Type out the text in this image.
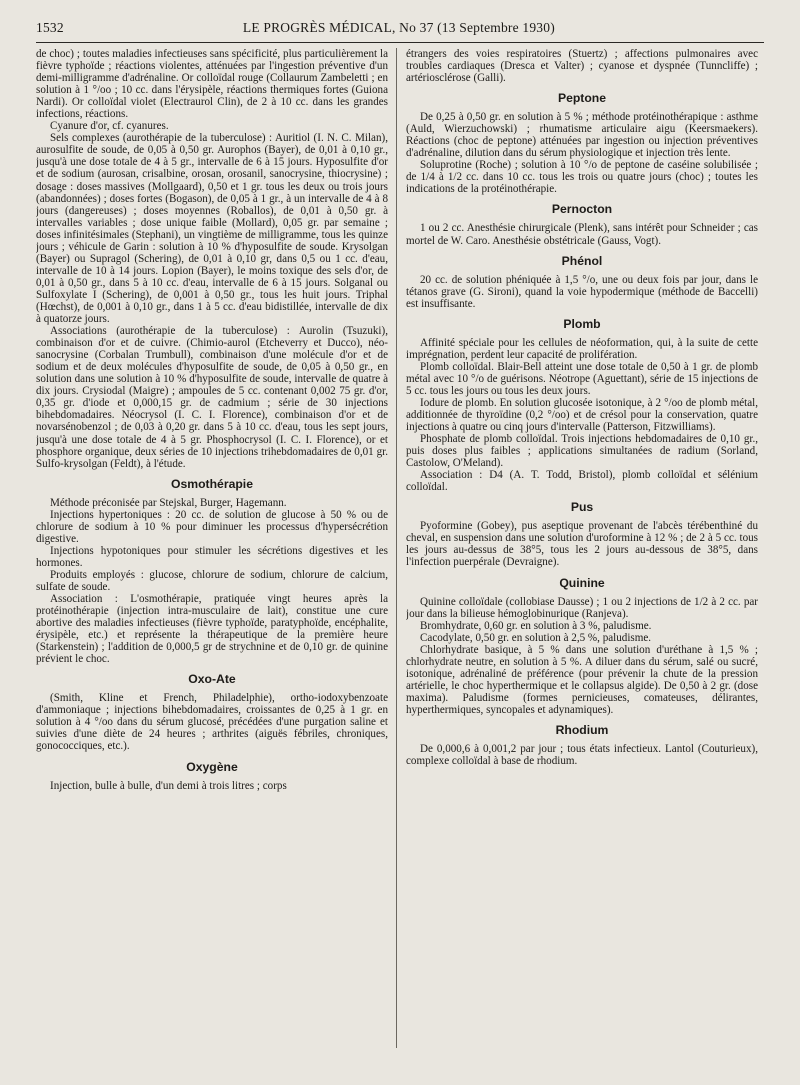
1532	LE PROGRÈS MÉDICAL, No 37 (13 Septembre 1930)

de choc) ; toutes maladies infectieuses sans spécificité, plus particulièrement la fièvre typhoïde ; réactions violentes, atténuées par l'ingestion préventive d'un demi-milligramme d'adrénaline. Or colloïdal rouge (Collaurum Zambeletti ; en solution à 1 °/oo ; 10 cc. dans l'érysipèle, réactions thermiques fortes (Guiona Nardi). Or colloïdal violet (Electraurol Clin), de 2 à 10 cc. dans les grandes infections, réactions.

Cyanure d'or, cf. cyanures.

Sels complexes (aurothérapie de la tuberculose) : Auritiol (I. N. C. Milan), aurosulfite de soude, de 0,05 à 0,50 gr. Aurophos (Bayer), de 0,01 à 0,10 gr., jusqu'à une dose totale de 4 à 5 gr., intervalle de 6 à 15 jours. Hyposulfite d'or et de sodium (aurosan, crisalbine, orosan, orosanil, sanocrysine, thiocrysine) ; dosage : doses massives (Mollgaard), 0,50 et 1 gr. tous les deux ou trois jours (abandonnées) ; doses fortes (Bogason), de 0,05 à 1 gr., à un intervalle de 4 à 8 jours (dangereuses) ; doses moyennes (Roballos), de 0,01 à 0,50 gr. à intervalles variables ; dose unique faible (Mollard), 0,05 gr. par semaine ; doses infinitésimales (Stephani), un vingtième de milligramme, tous les quinze jours ; véhicule de Garin : solution à 10 % d'hyposulfite de soude. Krysolgan (Bayer) ou Supragol (Schering), de 0,01 à 0,10 gr, dans 0,5 ou 1 cc. d'eau, intervalle de 10 à 14 jours. Lopion (Bayer), le moins toxique des sels d'or, de 0,01 à 0,50 gr., dans 5 à 10 cc. d'eau, intervalle de 6 à 15 jours. Solganal ou Sulfoxylate I (Schering), de 0,001 à 0,50 gr., tous les huit jours. Triphal (Hœchst), de 0,001 à 0,10 gr., dans 1 à 5 cc. d'eau bidistillée, intervalle de dix à quatorze jours.

Associations (aurothérapie de la tuberculose) : Aurolin (Tsuzuki), combinaison d'or et de cuivre. (Chimio-aurol (Etcheverry et Ducco), néo-sanocrysine (Corbalan Trumbull), combinaison d'une molécule d'or et de sodium et de deux molécules d'hyposulfite de soude, de 0,05 à 0,50 gr., en solution dans une solution à 10 % d'hyposulfite de soude, intervalle de quatre à dix jours. Crysiodal (Maigre) ; ampoules de 5 cc. contenant 0,002 75 gr. d'or, 0,35 gr. d'iode et 0,000,15 gr. de cadmium ; série de 30 injections bihebdomadaires. Néocrysol (I. C. I. Florence), combinaison d'or et de novarsénobenzol ; de 0,03 à 0,20 gr. dans 5 à 10 cc. d'eau, tous les sept jours, jusqu'à une dose totale de 4 à 5 gr. Phosphocrysol (I. C. I. Florence), or et phosphore organique, deux séries de 10 injections trihebdomadaires de 0,01 gr. Sulfo-krysolgan (Feldt), à l'étude.

Osmothérapie

Méthode préconisée par Stejskal, Burger, Hagemann.

Injections hypertoniques : 20 cc. de solution de glucose à 50 % ou de chlorure de sodium à 10 % pour diminuer les processus d'hypersécrétion digestive.

Injections hypotoniques pour stimuler les sécrétions digestives et les hormones.

Produits employés : glucose, chlorure de sodium, chlorure de calcium, sulfate de soude.

Association : L'osmothérapie, pratiquée vingt heures après la protéinothérapie (injection intra-musculaire de lait), constitue une cure abortive des maladies infectieuses (fièvre typhoïde, paratyphoïde, encéphalite, érysipèle, etc.) et représente la thérapeutique de la première heure (Starkenstein) ; l'addition de 0,000,5 gr de strychnine et de 0,10 gr. de quinine prévient le choc.

Oxo-Ate

(Smith, Kline et French, Philadelphie), ortho-iodoxybenzoate d'ammoniaque ; injections bihebdomadaires, croissantes de 0,25 à 1 gr. en solution à 4 °/oo dans du sérum glucosé, précédées d'une purgation saline et suivies d'une diète de 24 heures ; arthrites (aiguës fébriles, chroniques, gonococciques, etc.).

Oxygène

Injection, bulle à bulle, d'un demi à trois litres ; corps

étrangers des voies respiratoires (Stuertz) ; affections pulmonaires avec troubles cardiaques (Dresca et Valter) ; cyanose et dyspnée (Tunncliffe) ; artériosclérose (Galli).

Peptone

De 0,25 à 0,50 gr. en solution à 5 % ; méthode protéinothérapique : asthme (Auld, Wierzuchowski) ; rhumatisme articulaire aigu (Keersmaekers). Réactions (choc de peptone) atténuées par ingestion ou injection préventives d'adrénaline, dilution dans du sérum physiologique et injection très lente.

Soluprotine (Roche) ; solution à 10 °/o de peptone de caséine solubilisée ; de 1/4 à 1/2 cc. dans 10 cc. tous les trois ou quatre jours (choc) ; toutes les indications de la protéinothérapie.

Pernocton

1 ou 2 cc. Anesthésie chirurgicale (Plenk), sans intérêt pour Schneider ; cas mortel de W. Caro. Anesthésie obstétricale (Gauss, Vogt).

Phénol

20 cc. de solution phéniquée à 1,5 °/o, une ou deux fois par jour, dans le tétanos grave (G. Sironi), quand la voie hypodermique (méthode de Baccelli) est insuffisante.

Plomb

Affinité spéciale pour les cellules de néoformation, qui, à la suite de cette imprégnation, perdent leur capacité de prolifération.

Plomb colloïdal. Blair-Bell atteint une dose totale de 0,50 à 1 gr. de plomb métal avec 10 °/o de guérisons. Néotrope (Aguettant), série de 15 injections de 5 cc. tous les jours ou tous les deux jours.

Iodure de plomb. En solution glucosée isotonique, à 2 °/oo de plomb métal, additionnée de thyroïdine (0,2 °/oo) et de crésol pour la conservation, quatre injections à quatre ou cinq jours d'intervalle (Patterson, Fitzwilliams).

Phosphate de plomb colloïdal. Trois injections hebdomadaires de 0,10 gr., puis doses plus faibles ; applications simultanées de radium (Sorland, Castolow, O'Meland).

Association : D4 (A. T. Todd, Bristol), plomb colloïdal et sélénium colloïdal.

Pus

Pyoformine (Gobey), pus aseptique provenant de l'abcès térébenthiné du cheval, en suspension dans une solution d'uroformine à 12 % ; de 2 à 5 cc. tous les jours au-dessus de 38°5, tous les 2 jours au-dessous de 38°5, dans l'infection puerpérale (Devraigne).

Quinine

Quinine colloïdale (collobiase Dausse) ; 1 ou 2 injections de 1/2 à 2 cc. par jour dans la bilieuse hémoglobinurique (Ranjeva).

Bromhydrate, 0,60 gr. en solution à 3 %, paludisme.

Cacodylate, 0,50 gr. en solution à 2,5 %, paludisme.

Chlorhydrate basique, à 5 % dans une solution d'uréthane à 1,5 % ; chlorhydrate neutre, en solution à 5 %. A diluer dans du sérum, salé ou sucré, isotonique, adrénaliné de préférence (pour prévenir la chute de la pression artérielle, le choc hyperthermique et le collapsus algide). De 0,50 à 2 gr. (dose maxima). Paludisme (formes pernicieuses, comateuses, délirantes, hyperthermiques, syncopales et adynamiques).

Rhodium

De 0,000,6 à 0,001,2 par jour ; tous états infectieux. Lantol (Couturieux), complexe colloïdal à base de rhodium.
